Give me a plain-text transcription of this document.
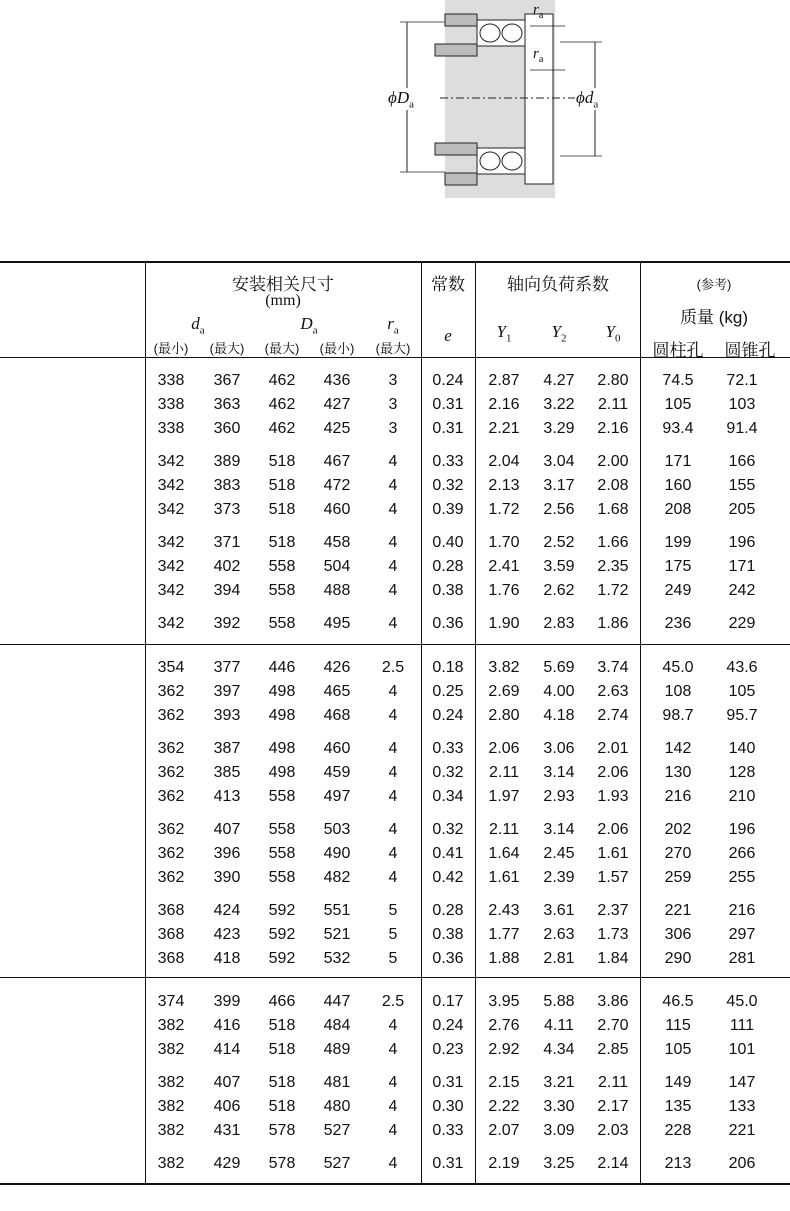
$r_a$
$r_a$
$\phi D_a$	$\phi d_a$
安装相关尺寸
(mm)
$d_a$	$D_a$	$r_a$
(最小) (最大) (最大) (最小) (最大)
常数
e
轴向负荷系数
$Y_1$ $Y_2$ $Y_0$
(参考)
质量 (kg)
圆柱孔 圆锥孔
338 367 462 436 3 0.24 2.87 4.27 2.80 74.5 72.1
338 363 462 427 3 0.31 2.16 3.22 2.11 105 103
338 360 462 425 3 0.31 2.21 3.29 2.16 93.4 91.4
342 389 518 467 4 0.33 2.04 3.04 2.00 171 166
342 383 518 472 4 0.32 2.13 3.17 2.08 160 155
342 373 518 460 4 0.39 1.72 2.56 1.68 208 205
342 371 518 458 4 0.40 1.70 2.52 1.66 199 196
342 402 558 504 4 0.28 2.41 3.59 2.35 175 171
342 394 558 488 4 0.38 1.76 2.62 1.72 249 242
342 392 558 495 4 0.36 1.90 2.83 1.86 236 229
354 377 446 426 2.5 0.18 3.82 5.69 3.74 45.0 43.6
362 397 498 465 4 0.25 2.69 4.00 2.63 108 105
362 393 498 468 4 0.24 2.80 4.18 2.74 98.7 95.7
362 387 498 460 4 0.33 2.06 3.06 2.01 142 140
362 385 498 459 4 0.32 2.11 3.14 2.06 130 128
362 413 558 497 4 0.34 1.97 2.93 1.93 216 210
362 407 558 503 4 0.32 2.11 3.14 2.06 202 196
362 396 558 490 4 0.41 1.64 2.45 1.61 270 266
362 390 558 482 4 0.42 1.61 2.39 1.57 259 255
368 424 592 551 5 0.28 2.43 3.61 2.37 221 216
368 423 592 521 5 0.38 1.77 2.63 1.73 306 297
368 418 592 532 5 0.36 1.88 2.81 1.84 290 281
374 399 466 447 2.5 0.17 3.95 5.88 3.86 46.5 45.0
382 416 518 484 4 0.24 2.76 4.11 2.70 115 111
382 414 518 489 4 0.23 2.92 4.34 2.85 105 101
382 407 518 481 4 0.31 2.15 3.21 2.11 149 147
382 406 518 480 4 0.30 2.22 3.30 2.17 135 133
382 431 578 527 4 0.33 2.07 3.09 2.03 228 221
382 429 578 527 4 0.31 2.19 3.25 2.14 213 206
